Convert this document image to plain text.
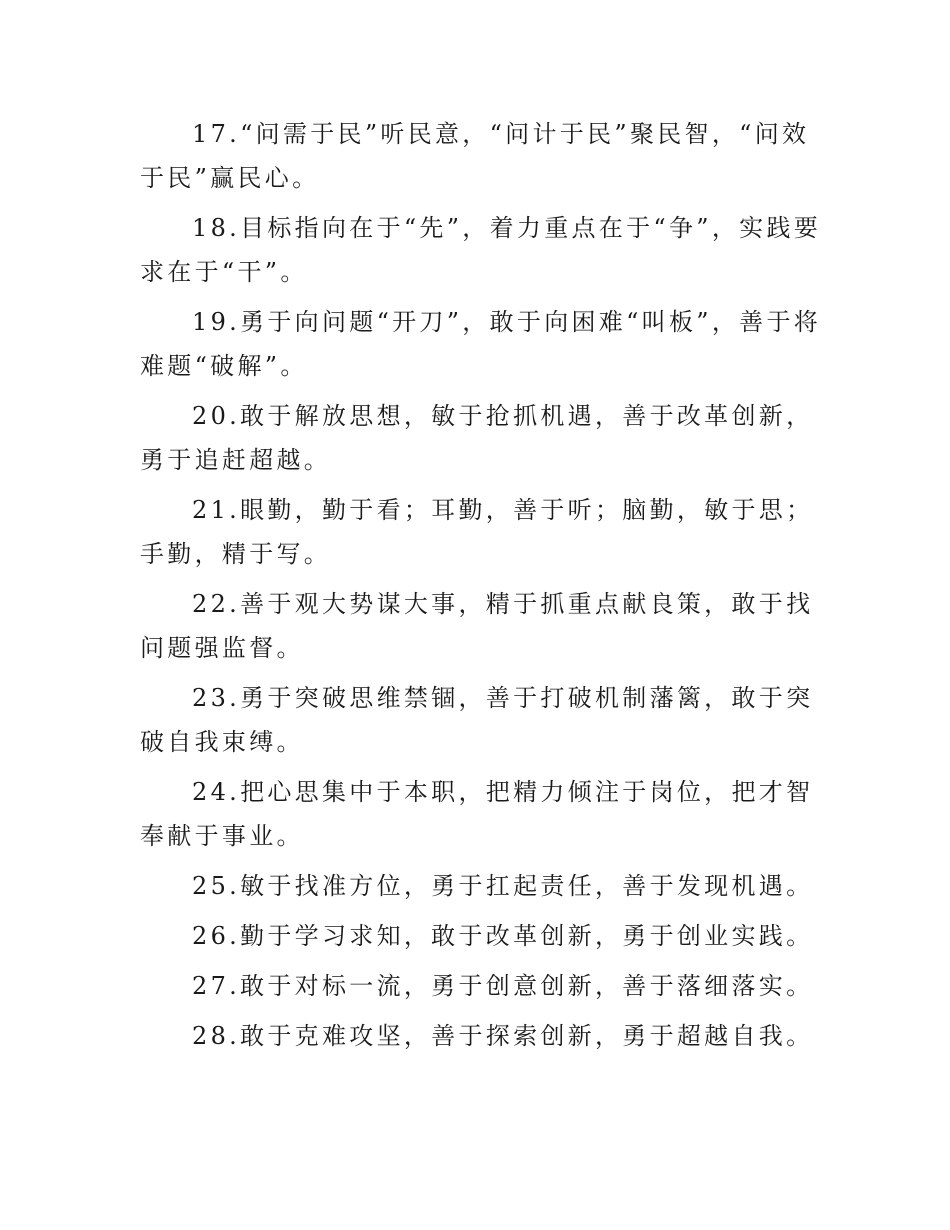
17.“问需于民”听民意，“问计于民”聚民智，“问效于民”赢民心。

18.目标指向在于“先”，着力重点在于“争”，实践要求在于“干”。

19.勇于向问题“开刀”，敢于向困难“叫板”，善于将难题“破解”。

20.敢于解放思想，敏于抢抓机遇，善于改革创新，勇于追赶超越。

21.眼勤，勤于看；耳勤，善于听；脑勤，敏于思；手勤，精于写。

22.善于观大势谋大事，精于抓重点献良策，敢于找问题强监督。

23.勇于突破思维禁锢，善于打破机制藩篱，敢于突破自我束缚。

24.把心思集中于本职，把精力倾注于岗位，把才智奉献于事业。

25.敏于找准方位，勇于扛起责任，善于发现机遇。

26.勤于学习求知，敢于改革创新，勇于创业实践。

27.敢于对标一流，勇于创意创新，善于落细落实。

28.敢于克难攻坚，善于探索创新，勇于超越自我。
